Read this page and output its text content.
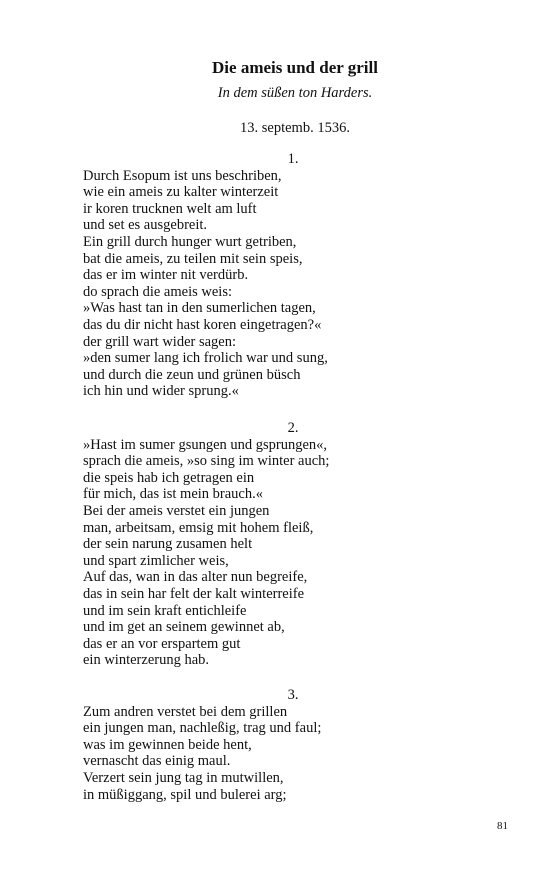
Die ameis und der grill

In dem süßen ton Harders.

13. septemb. 1536.

1.
Durch Esopum ist uns beschriben,
wie ein ameis zu kalter winterzeit
ir koren trucknen welt am luft
und set es ausgebreit.
Ein grill durch hunger wurt getriben,
bat die ameis, zu teilen mit sein speis,
das er im winter nit verdürb.
do sprach die ameis weis:
»Was hast tan in den sumerlichen tagen,
das du dir nicht hast koren eingetragen?«
der grill wart wider sagen:
»den sumer lang ich frolich war und sung,
und durch die zeun und grünen büsch
ich hin und wider sprung.«
2.
»Hast im sumer gsungen und gsprungen«,
sprach die ameis, »so sing im winter auch;
die speis hab ich getragen ein
für mich, das ist mein brauch.«
Bei der ameis verstet ein jungen
man, arbeitsam, emsig mit hohem fleiß,
der sein narung zusamen helt
und spart zimlicher weis,
Auf das, wan in das alter nun begreife,
das in sein har felt der kalt winterreife
und im sein kraft entichleife
und im get an seinem gewinnet ab,
das er an vor erspartem gut
ein winterzerung hab.
3.
Zum andren verstet bei dem grillen
ein jungen man, nachleßig, trag und faul;
was im gewinnen beide hent,
vernascht das einig maul.
Verzert sein jung tag in mutwillen,
in müßiggang, spil und bulerei arg;
81
